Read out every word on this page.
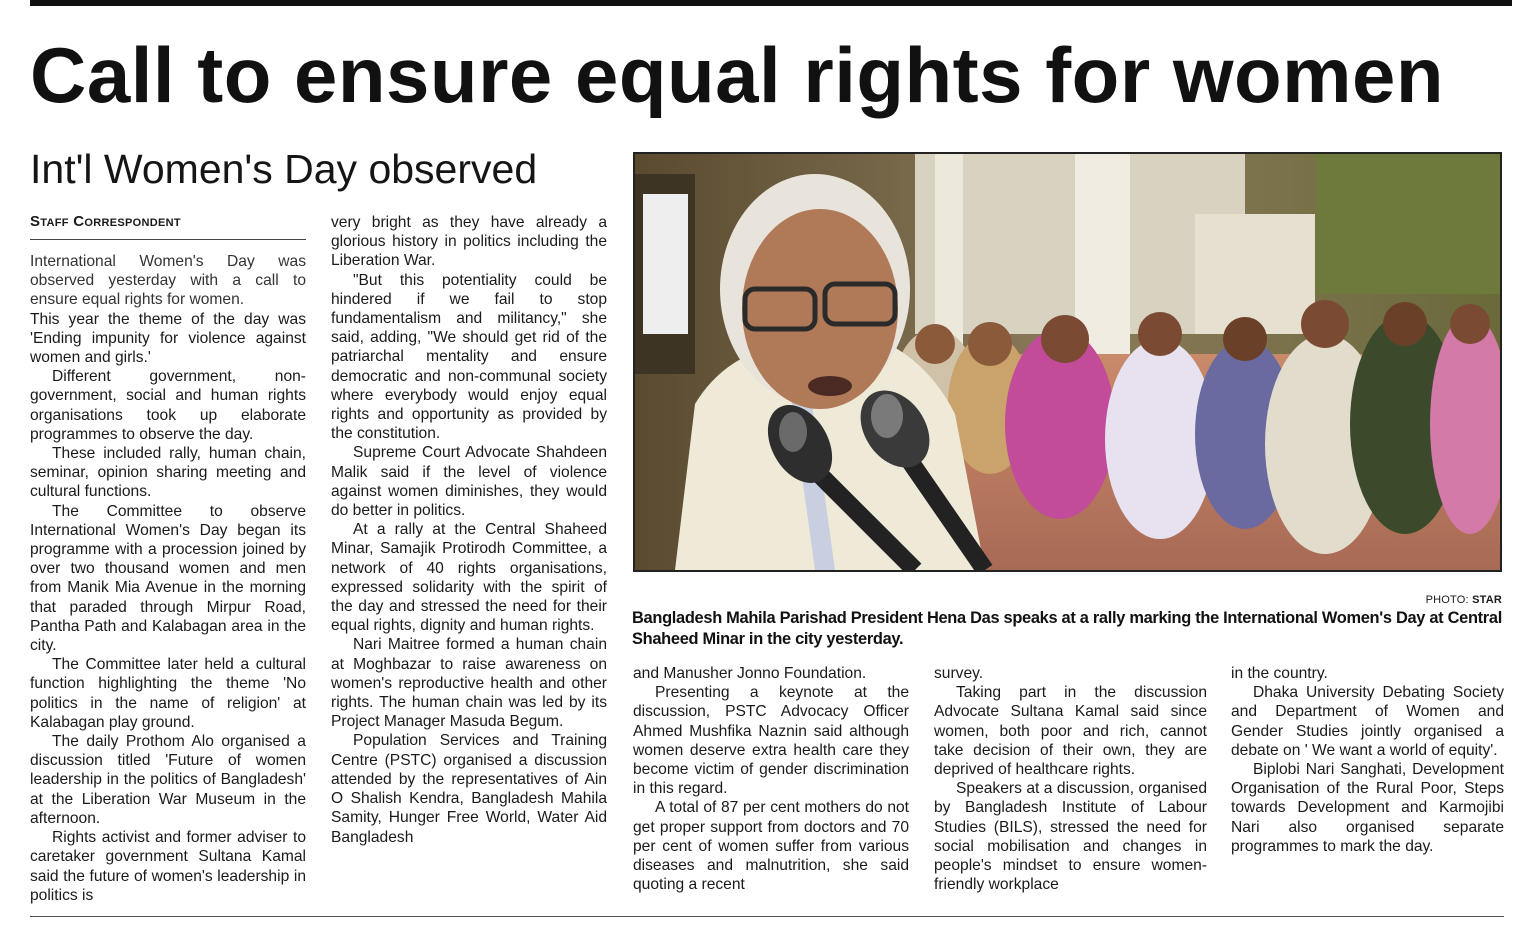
Call to ensure equal rights for women
Int'l Women's Day observed
Staff Correspondent

International Women's Day was observed yesterday with a call to ensure equal rights for women.

This year the theme of the day was 'Ending impunity for violence against women and girls.'

Different government, non-government, social and human rights organisations took up elaborate programmes to observe the day.

These included rally, human chain, seminar, opinion sharing meeting and cultural functions.

The Committee to observe International Women's Day began its programme with a procession joined by over two thousand women and men from Manik Mia Avenue in the morning that paraded through Mirpur Road, Pantha Path and Kalabagan area in the city.

The Committee later held a cultural function highlighting the theme 'No politics in the name of religion' at Kalabagan play ground.

The daily Prothom Alo organised a discussion titled 'Future of women leadership in the politics of Bangladesh' at the Liberation War Museum in the afternoon.

Rights activist and former adviser to caretaker government Sultana Kamal said the future of women's leadership in politics is

very bright as they have already a glorious history in politics including the Liberation War.

"But this potentiality could be hindered if we fail to stop fundamentalism and militancy," she said, adding, "We should get rid of the patriarchal mentality and ensure democratic and non-communal society where everybody would enjoy equal rights and opportunity as provided by the constitution.

Supreme Court Advocate Shahdeen Malik said if the level of violence against women diminishes, they would do better in politics.

At a rally at the Central Shaheed Minar, Samajik Protirodh Committee, a network of 40 rights organisations, expressed solidarity with the spirit of the day and stressed the need for their equal rights, dignity and human rights.

Nari Maitree formed a human chain at Moghbazar to raise awareness on women's reproductive health and other rights. The human chain was led by its Project Manager Masuda Begum.

Population Services and Training Centre (PSTC) organised a discussion attended by the representatives of Ain O Shalish Kendra, Bangladesh Mahila Samity, Hunger Free World, Water Aid Bangladesh

PHOTO: STAR

Bangladesh Mahila Parishad President Hena Das speaks at a rally marking the International Women's Day at Central Shaheed Minar in the city yesterday.

and Manusher Jonno Foundation.

Presenting a keynote at the discussion, PSTC Advocacy Officer Ahmed Mushfika Naznin said although women deserve extra health care they become victim of gender discrimination in this regard.

A total of 87 per cent mothers do not get proper support from doctors and 70 per cent of women suffer from various diseases and malnutrition, she said quoting a recent

survey.

Taking part in the discussion Advocate Sultana Kamal said since women, both poor and rich, cannot take decision of their own, they are deprived of healthcare rights.

Speakers at a discussion, organised by Bangladesh Institute of Labour Studies (BILS), stressed the need for social mobilisation and changes in people's mindset to ensure women-friendly workplace

in the country.

Dhaka University Debating Society and Department of Women and Gender Studies jointly organised a debate on ' We want a world of equity'.

Biplobi Nari Sanghati, Development Organisation of the Rural Poor, Steps towards Development and Karmojibi Nari also organised separate programmes to mark the day.
